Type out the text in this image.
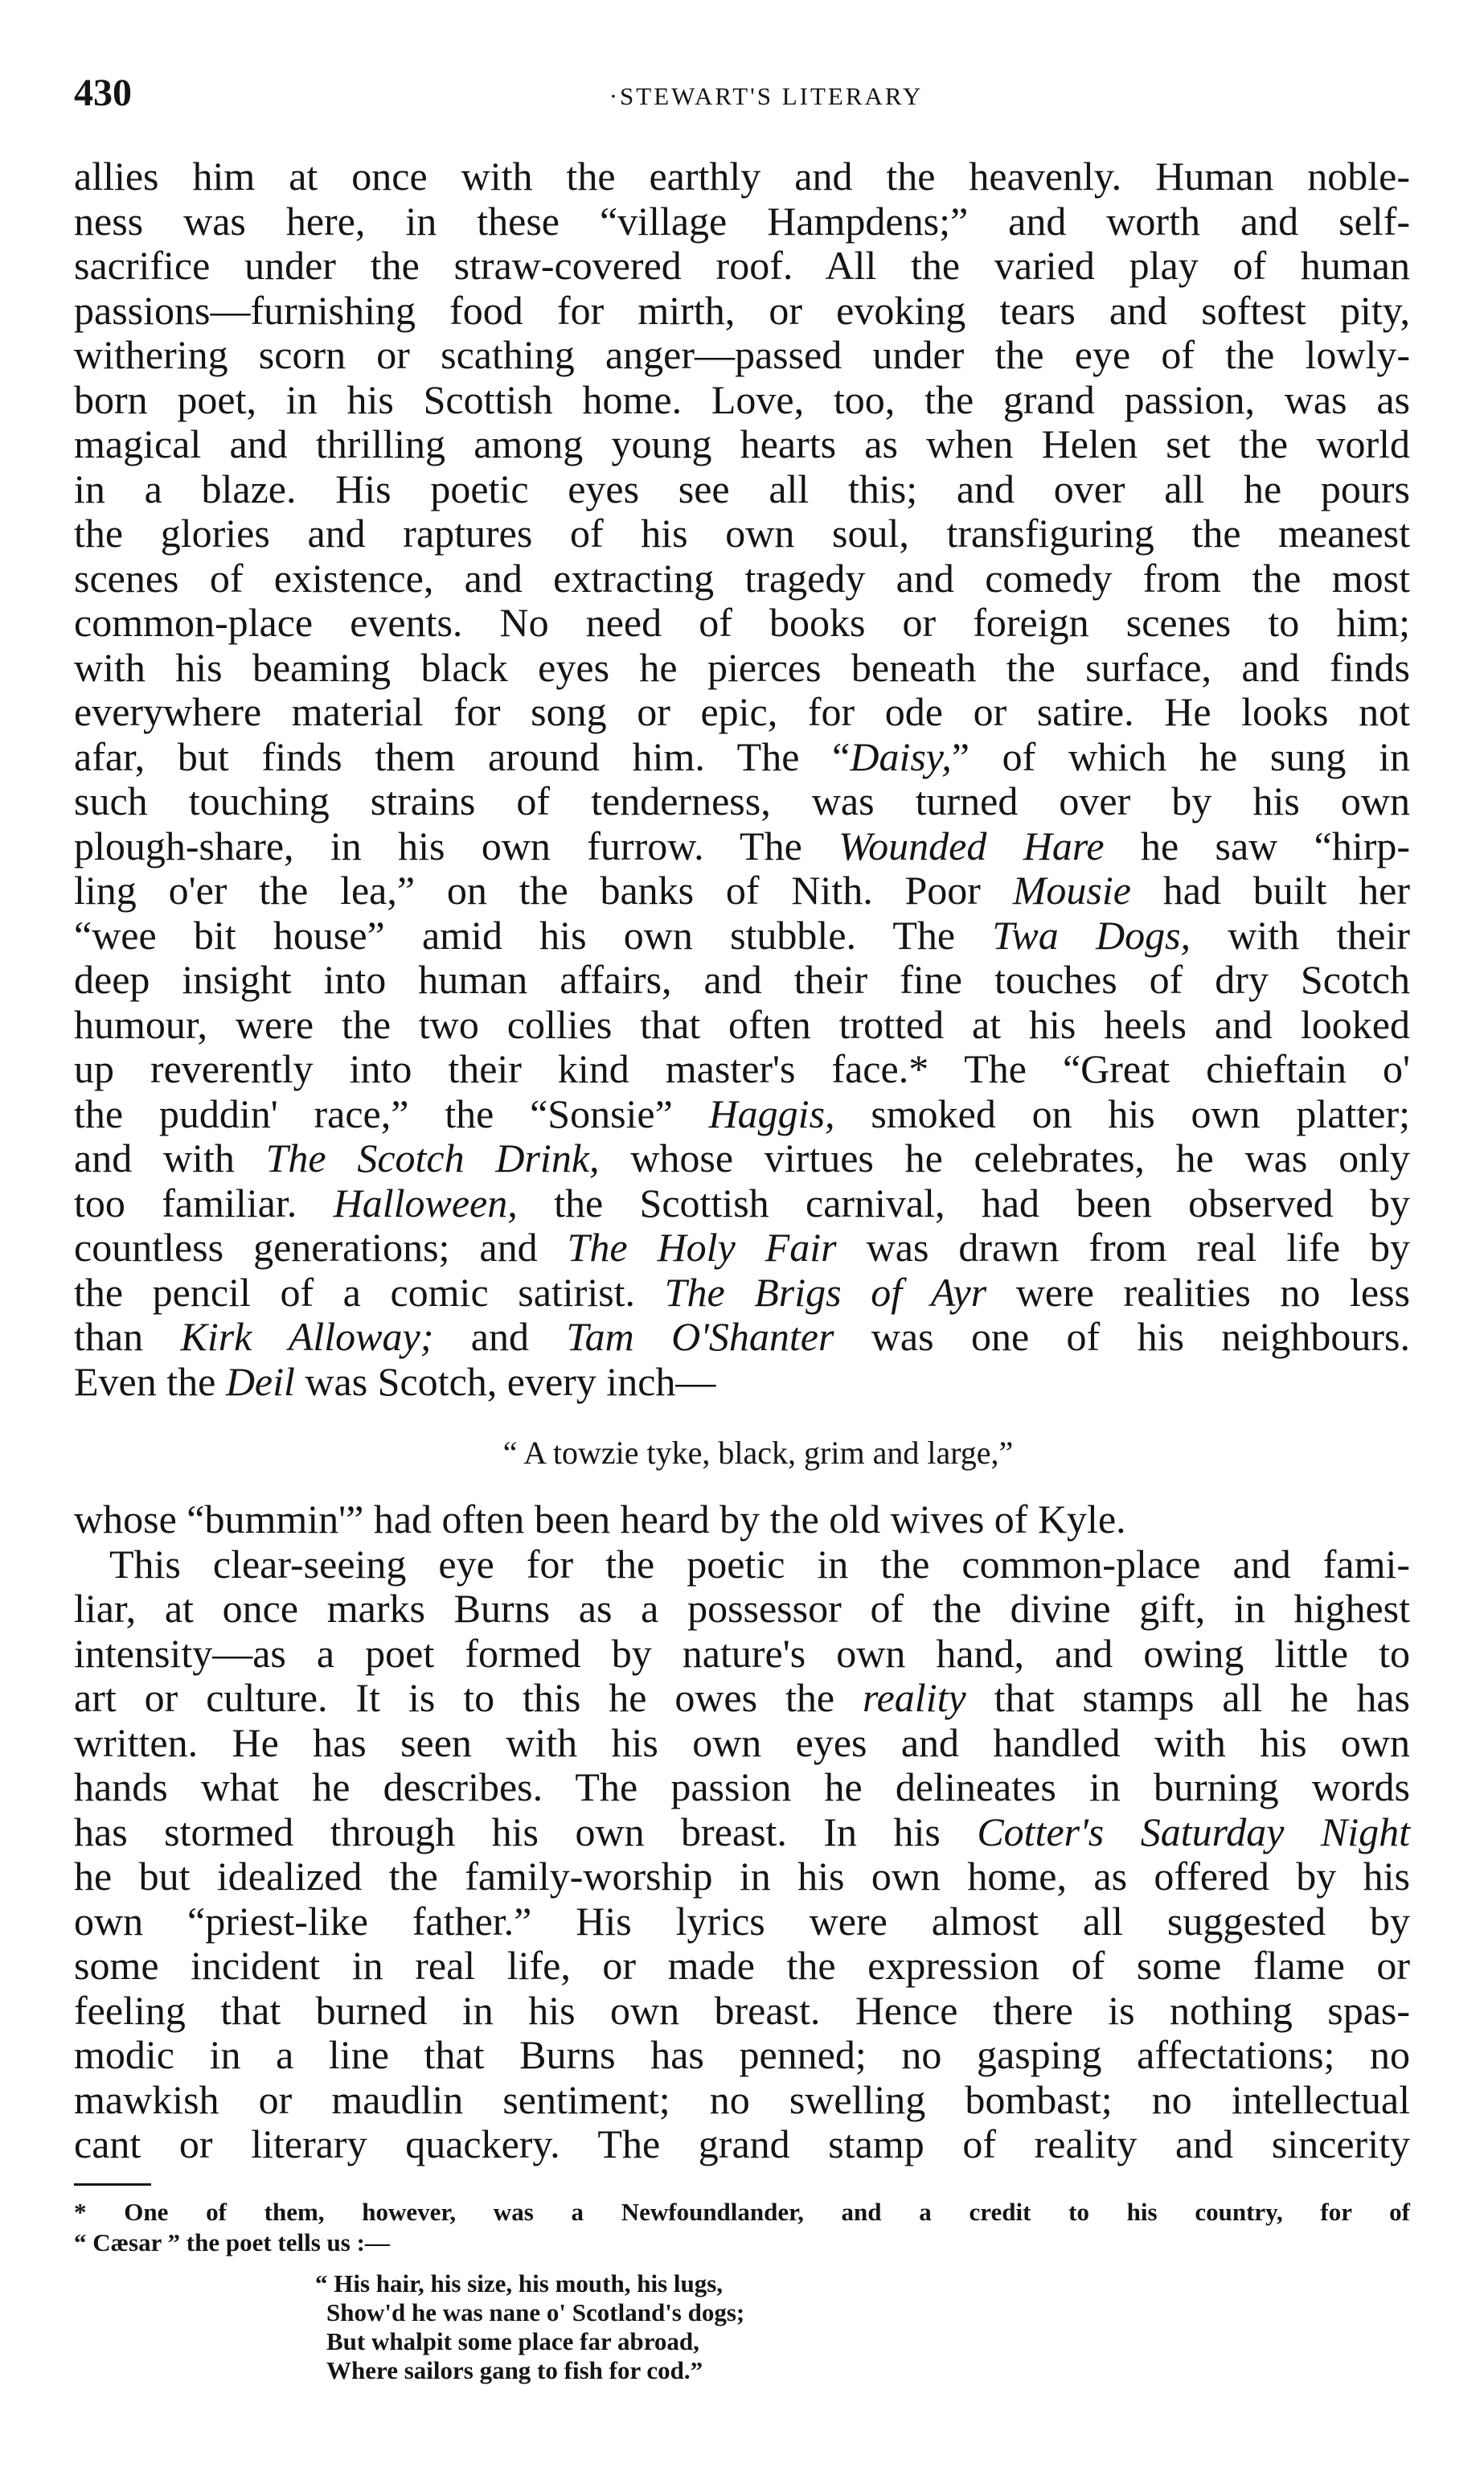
430	·STEWART'S LITERARY

allies him at once with the earthly and the heavenly. Human noble-
ness was here, in these “village Hampdens;” and worth and self-
sacrifice under the straw-covered roof. All the varied play of human
passions—furnishing food for mirth, or evoking tears and softest pity,
withering scorn or scathing anger—passed under the eye of the lowly-
born poet, in his Scottish home. Love, too, the grand passion, was as
magical and thrilling among young hearts as when Helen set the world
in a blaze. His poetic eyes see all this; and over all he pours
the glories and raptures of his own soul, transfiguring the meanest
scenes of existence, and extracting tragedy and comedy from the most
common-place events. No need of books or foreign scenes to him;
with his beaming black eyes he pierces beneath the surface, and finds
everywhere material for song or epic, for ode or satire. He looks not
afar, but finds them around him. The “Daisy,” of which he sung in
such touching strains of tenderness, was turned over by his own
plough-share, in his own furrow. The Wounded Hare he saw “hirp-
ling o'er the lea,” on the banks of Nith. Poor Mousie had built her
“wee bit house” amid his own stubble. The Twa Dogs, with their
deep insight into human affairs, and their fine touches of dry Scotch
humour, were the two collies that often trotted at his heels and looked
up reverently into their kind master's face.* The “Great chieftain o'
the puddin' race,” the “Sonsie” Haggis, smoked on his own platter;
and with The Scotch Drink, whose virtues he celebrates, he was only
too familiar. Halloween, the Scottish carnival, had been observed by
countless generations; and The Holy Fair was drawn from real life by
the pencil of a comic satirist. The Brigs of Ayr were realities no less
than Kirk Alloway; and Tam O'Shanter was one of his neighbours.
Even the Deil was Scotch, every inch—

“ A towzie tyke, black, grim and large,”

whose “bummin'” had often been heard by the old wives of Kyle.

This clear-seeing eye for the poetic in the common-place and fami-
liar, at once marks Burns as a possessor of the divine gift, in highest
intensity—as a poet formed by nature's own hand, and owing little to
art or culture. It is to this he owes the reality that stamps all he has
written. He has seen with his own eyes and handled with his own
hands what he describes. The passion he delineates in burning words
has stormed through his own breast. In his Cotter's Saturday Night
he but idealized the family-worship in his own home, as offered by his
own “priest-like father.” His lyrics were almost all suggested by
some incident in real life, or made the expression of some flame or
feeling that burned in his own breast. Hence there is nothing spas-
modic in a line that Burns has penned; no gasping affectations; no
mawkish or maudlin sentiment; no swelling bombast; no intellectual
cant or literary quackery. The grand stamp of reality and sincerity

* One of them, however, was a Newfoundlander, and a credit to his country, for of
“ Cæsar ” the poet tells us :—
“ His hair, his size, his mouth, his lugs,
Show'd he was nane o' Scotland's dogs;
But whalpit some place far abroad,
Where sailors gang to fish for cod.”
